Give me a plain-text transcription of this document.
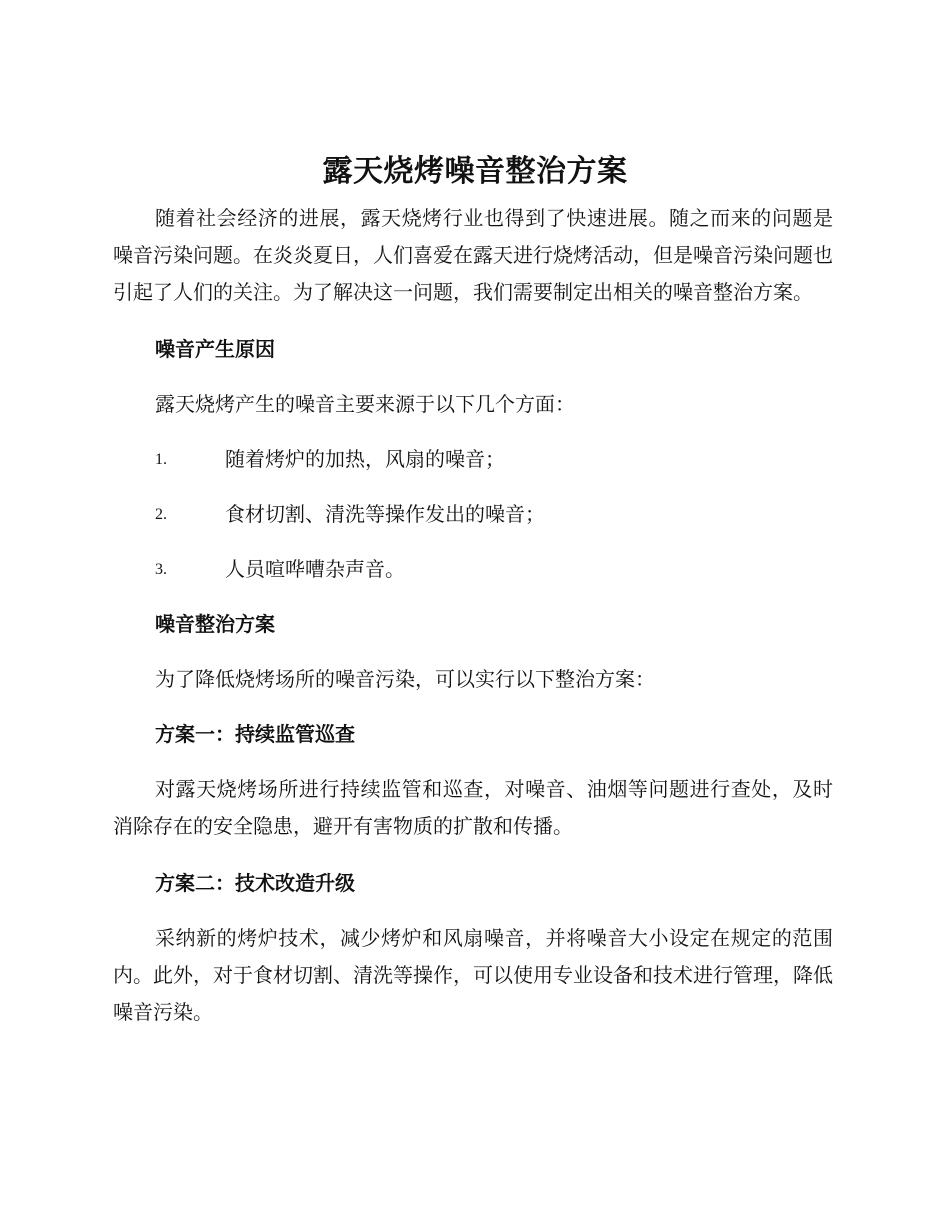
露天烧烤噪音整治方案

随着社会经济的进展，露天烧烤行业也得到了快速进展。随之而来的问题是噪音污染问题。在炎炎夏日，人们喜爱在露天进行烧烤活动，但是噪音污染问题也引起了人们的关注。为了解决这一问题，我们需要制定出相关的噪音整治方案。

噪音产生原因
露天烧烤产生的噪音主要来源于以下几个方面：
1.	随着烤炉的加热，风扇的噪音；
2.	食材切割、清洗等操作发出的噪音；
3.	人员喧哗嘈杂声音。
噪音整治方案
为了降低烧烤场所的噪音污染，可以实行以下整治方案：
方案一：持续监管巡查

对露天烧烤场所进行持续监管和巡查，对噪音、油烟等问题进行查处，及时消除存在的安全隐患，避开有害物质的扩散和传播。

方案二：技术改造升级

采纳新的烤炉技术，减少烤炉和风扇噪音，并将噪音大小设定在规定的范围内。此外，对于食材切割、清洗等操作，可以使用专业设备和技术进行管理，降低噪音污染。
